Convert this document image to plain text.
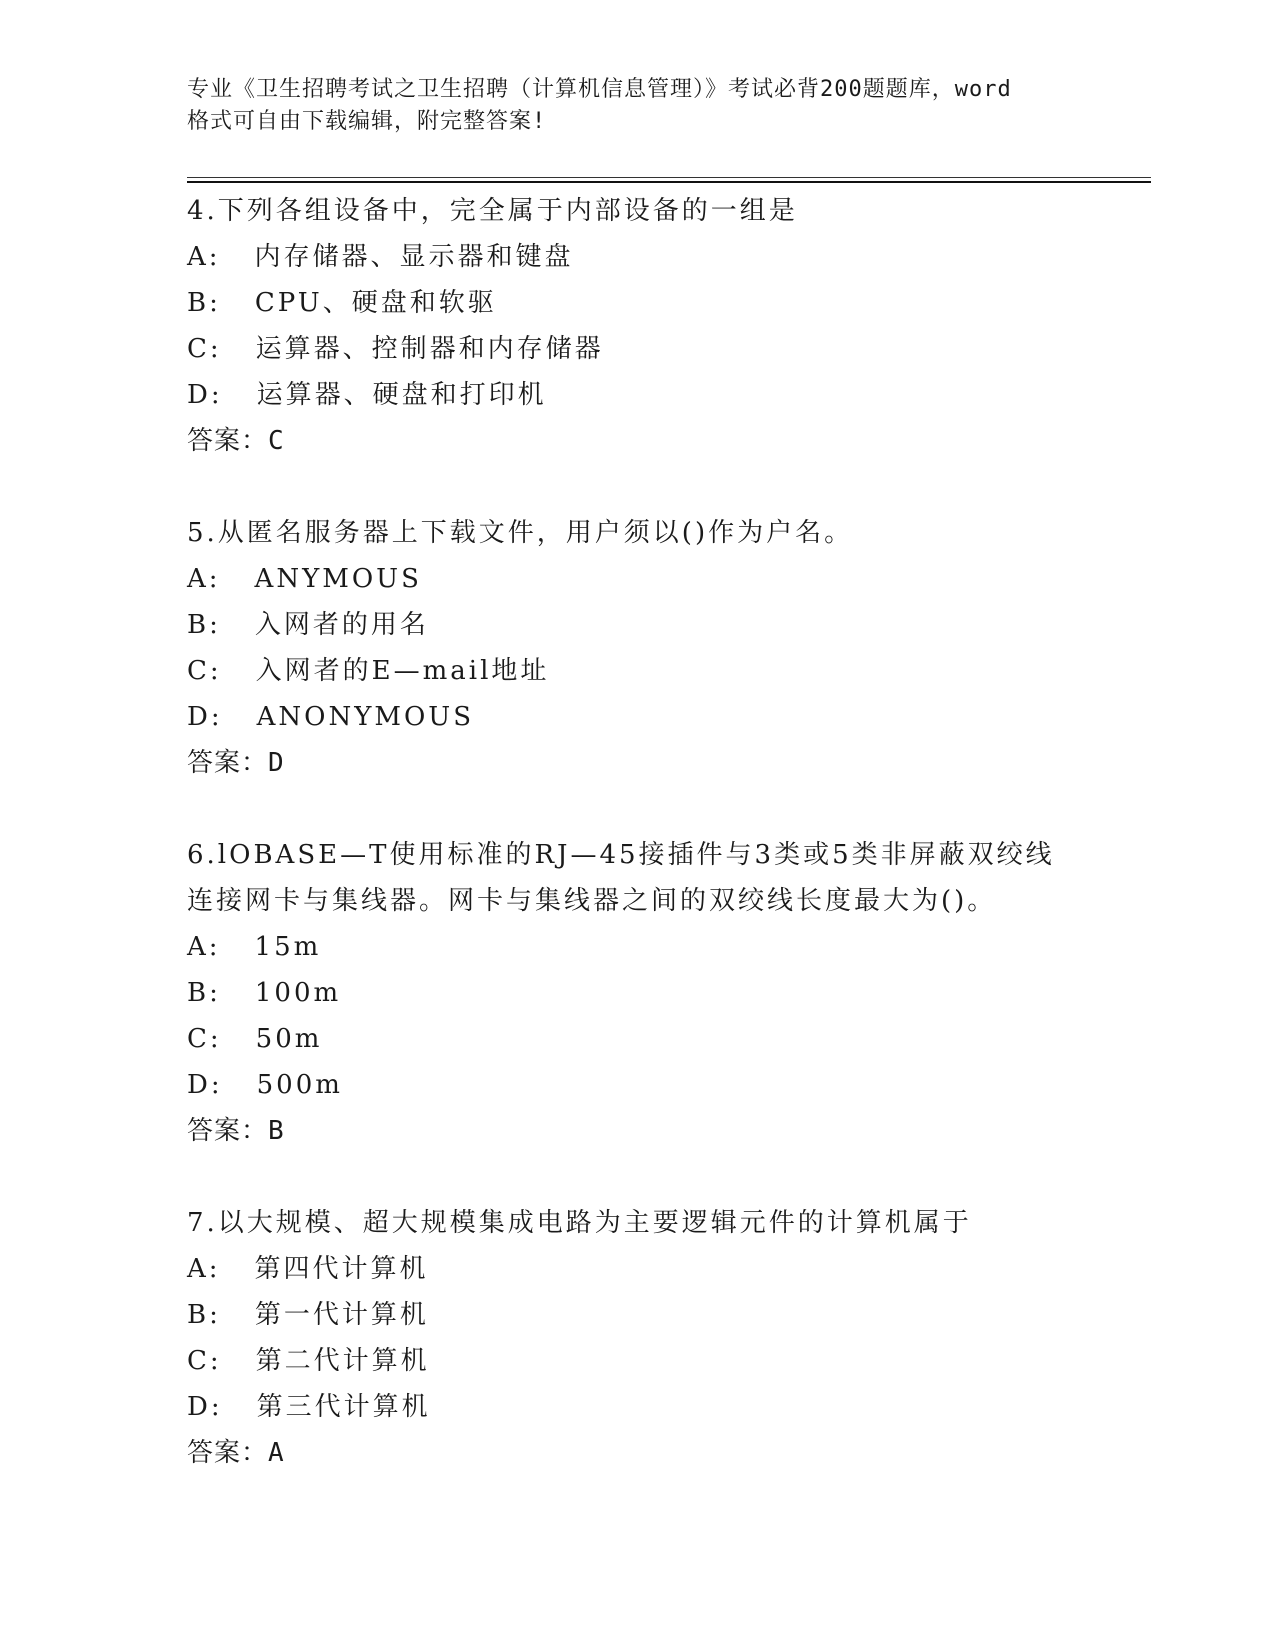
专业《卫生招聘考试之卫生招聘（计算机信息管理）》考试必背200题题库，word
格式可自由下载编辑，附完整答案!
4.下列各组设备中，完全属于内部设备的一组是
A: 内存储器、显示器和键盘
B: CPU、硬盘和软驱
C: 运算器、控制器和内存储器
D: 运算器、硬盘和打印机
答案：C
5.从匿名服务器上下载文件，用户须以()作为户名。
A: ANYMOUS
B: 入网者的用名
C: 入网者的E—mail地址
D: ANONYMOUS
答案：D
6.lOBASE—T使用标准的RJ—45接插件与3类或5类非屏蔽双绞线连接网卡与集线器。网卡与集线器之间的双绞线长度最大为()。
A: 15m
B: 100m
C: 50m
D: 500m
答案：B
7.以大规模、超大规模集成电路为主要逻辑元件的计算机属于
A: 第四代计算机
B: 第一代计算机
C: 第二代计算机
D: 第三代计算机
答案：A
